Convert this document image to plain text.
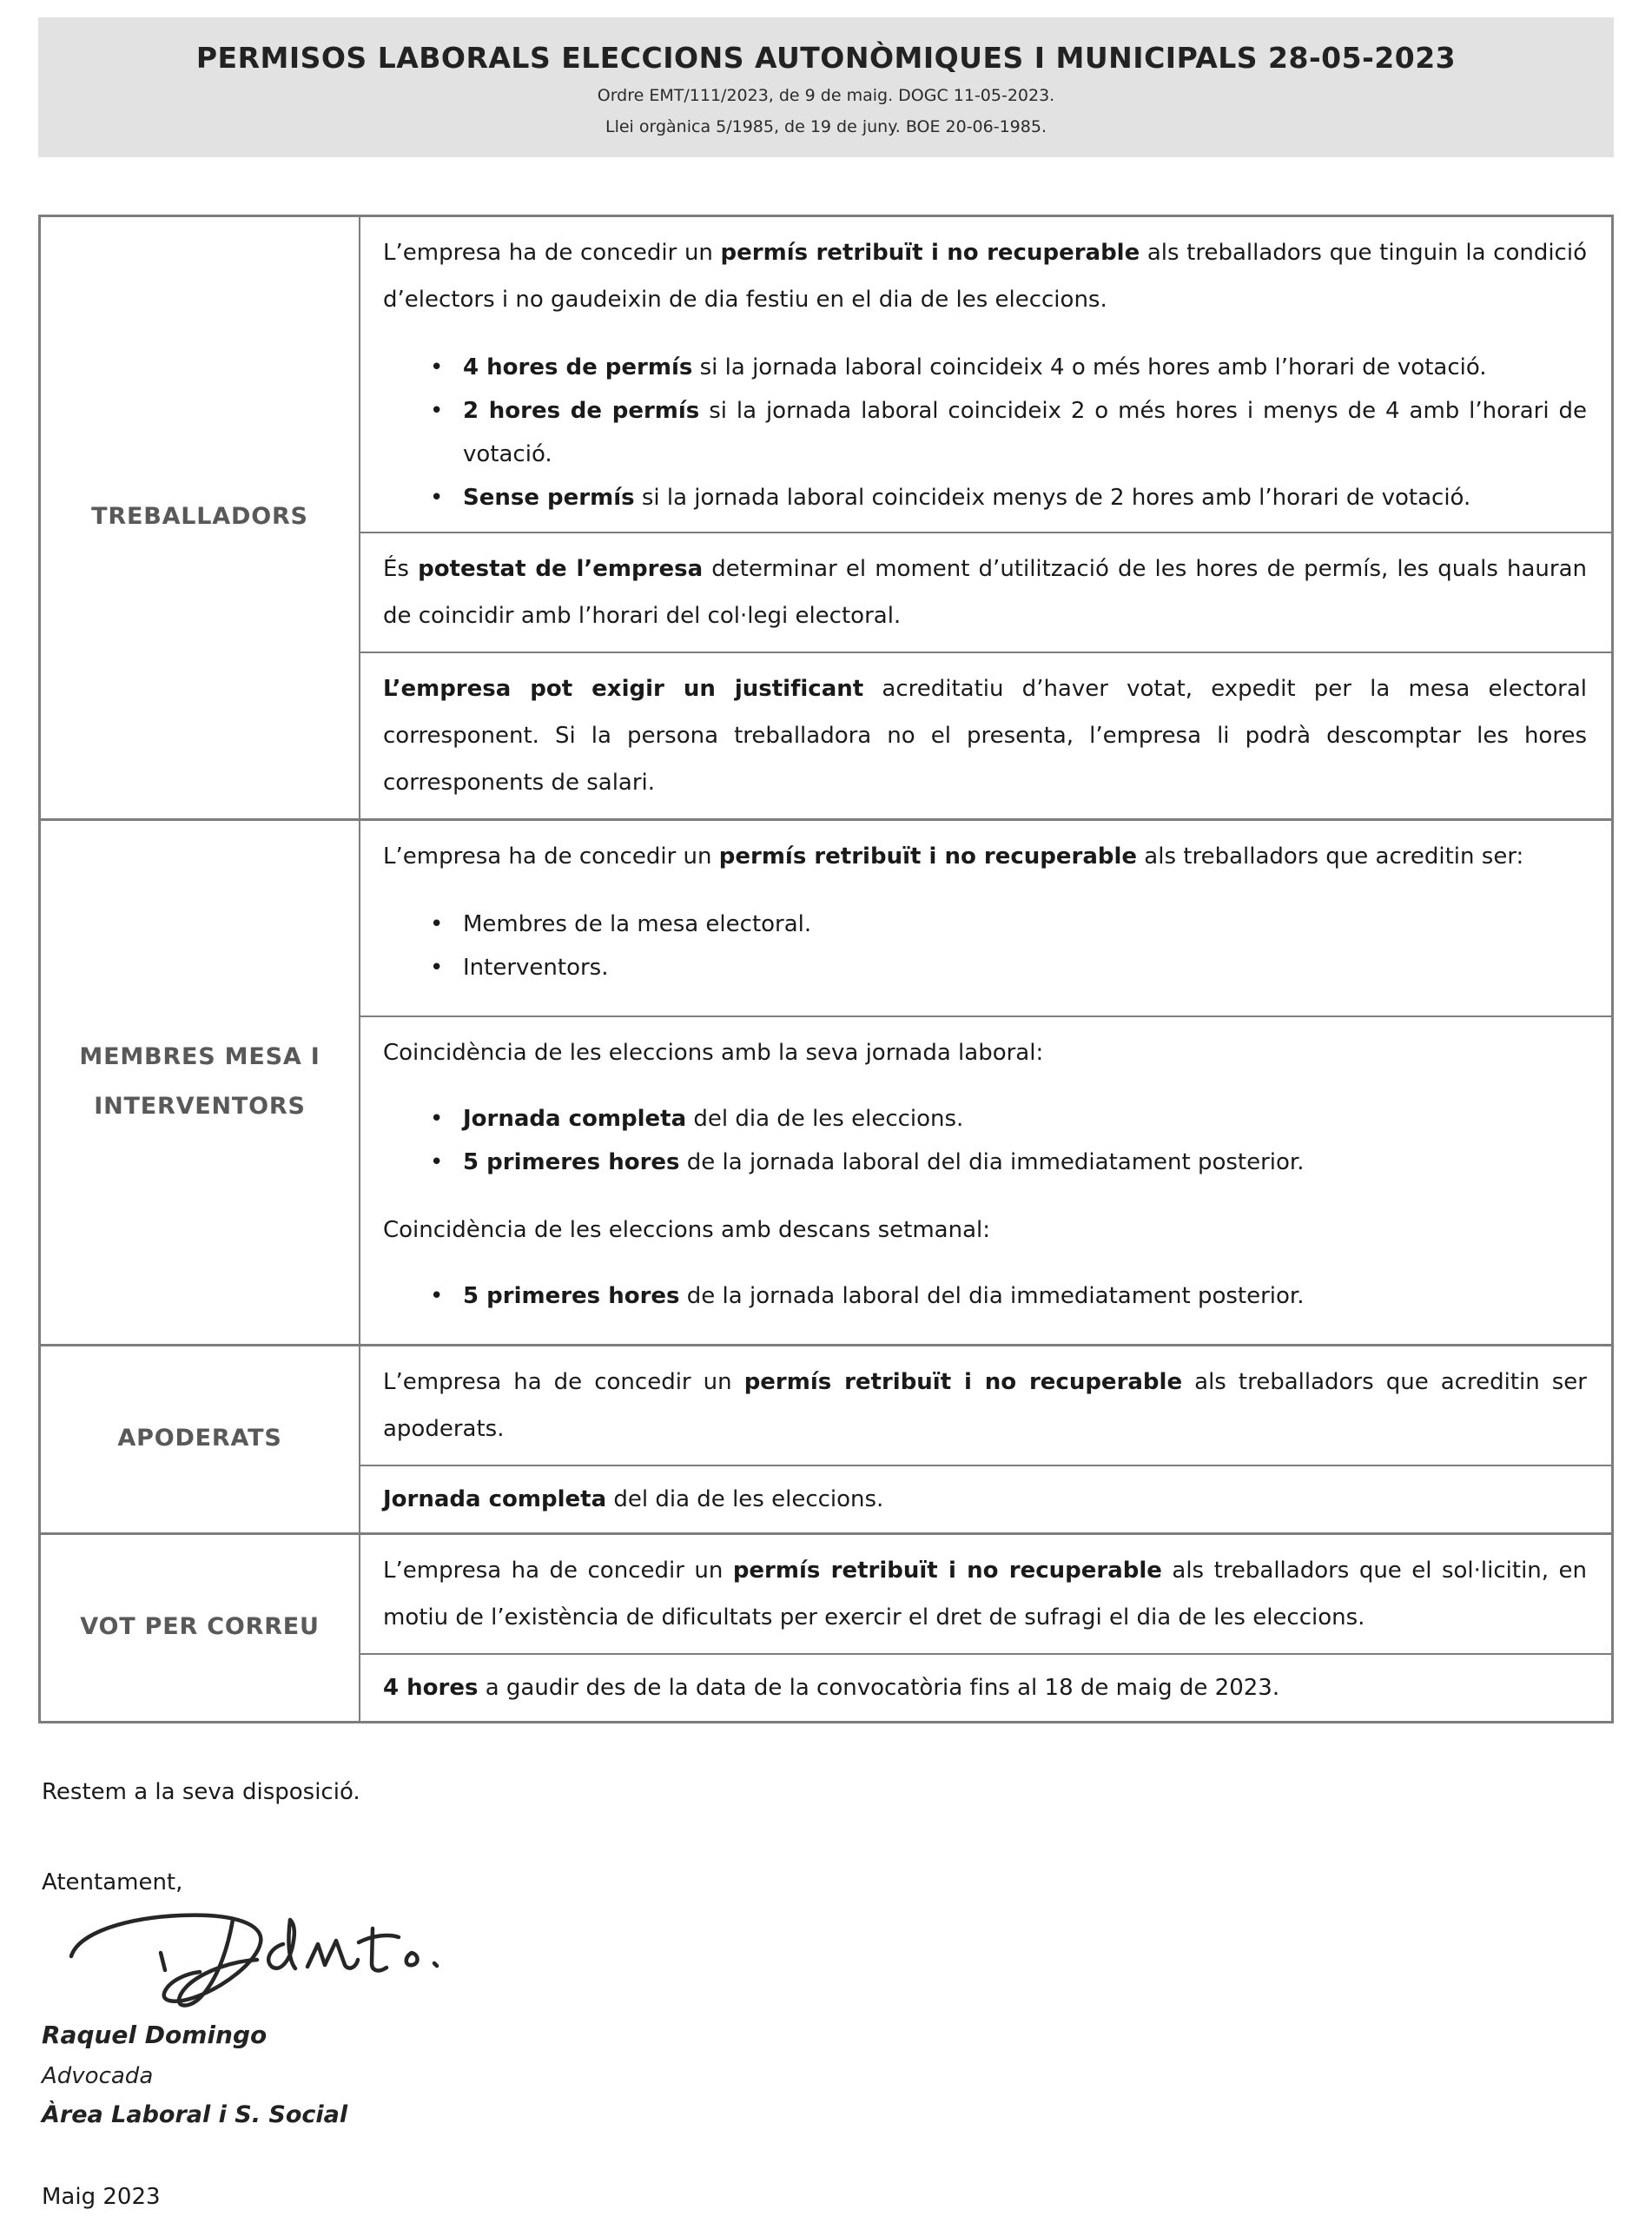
PERMISOS LABORALS ELECCIONS AUTONÒMIQUES I MUNICIPALS 28-05-2023
Ordre EMT/111/2023, de 9 de maig. DOGC 11-05-2023.
Llei orgànica 5/1985, de 19 de juny. BOE 20-06-1985.
TREBALLADORS

L’empresa ha de concedir un permís retribuït i no recuperable als treballadors que tinguin la condició d’electors i no gaudeixin de dia festiu en el dia de les eleccions.

• 4 hores de permís si la jornada laboral coincideix 4 o més hores amb l’horari de votació.
• 2 hores de permís si la jornada laboral coincideix 2 o més hores i menys de 4 amb l’horari de votació.
• Sense permís si la jornada laboral coincideix menys de 2 hores amb l’horari de votació.

És potestat de l’empresa determinar el moment d’utilització de les hores de permís, les quals hauran de coincidir amb l’horari del col·legi electoral.

L’empresa pot exigir un justificant acreditatiu d’haver votat, expedit per la mesa electoral corresponent. Si la persona treballadora no el presenta, l’empresa li podrà descomptar les hores corresponents de salari.

MEMBRES MESA I INTERVENTORS

L’empresa ha de concedir un permís retribuït i no recuperable als treballadors que acreditin ser:

• Membres de la mesa electoral.
• Interventors.

Coincidència de les eleccions amb la seva jornada laboral:

• Jornada completa del dia de les eleccions.
• 5 primeres hores de la jornada laboral del dia immediatament posterior.

Coincidència de les eleccions amb descans setmanal:

• 5 primeres hores de la jornada laboral del dia immediatament posterior.
APODERATS

L’empresa ha de concedir un permís retribuït i no recuperable als treballadors que acreditin ser apoderats.

Jornada completa del dia de les eleccions.

VOT PER CORREU

L’empresa ha de concedir un permís retribuït i no recuperable als treballadors que el sol·licitin, en motiu de l’existència de dificultats per exercir el dret de sufragi el dia de les eleccions.

4 hores a gaudir des de la data de la convocatòria fins al 18 de maig de 2023.

Restem a la seva disposició.

Atentament,

Raquel Domingo

Advocada

Àrea Laboral i S. Social

Maig 2023
